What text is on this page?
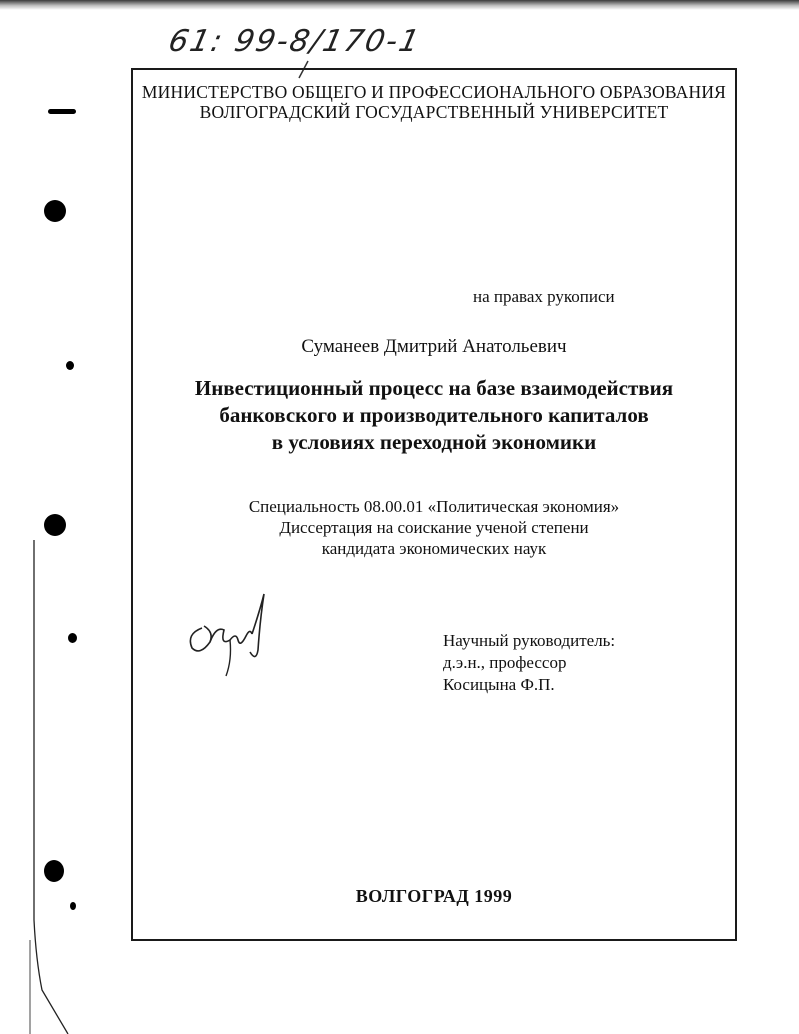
61: 99-8/170-1
МИНИСТЕРСТВО ОБЩЕГО И ПРОФЕССИОНАЛЬНОГО ОБРАЗОВАНИЯ
ВОЛГОГРАДСКИЙ ГОСУДАРСТВЕННЫЙ УНИВЕРСИТЕТ
на правах рукописи
Суманеев Дмитрий Анатольевич
Инвестиционный процесс на базе взаимодействия
банковского и производительного капиталов
в условиях переходной экономики
Специальность 08.00.01 «Политическая экономия»
Диссертация на соискание ученой степени
кандидата экономических наук
Научный руководитель:
д.э.н., профессор
Косицына Ф.П.
ВОЛГОГРАД 1999
